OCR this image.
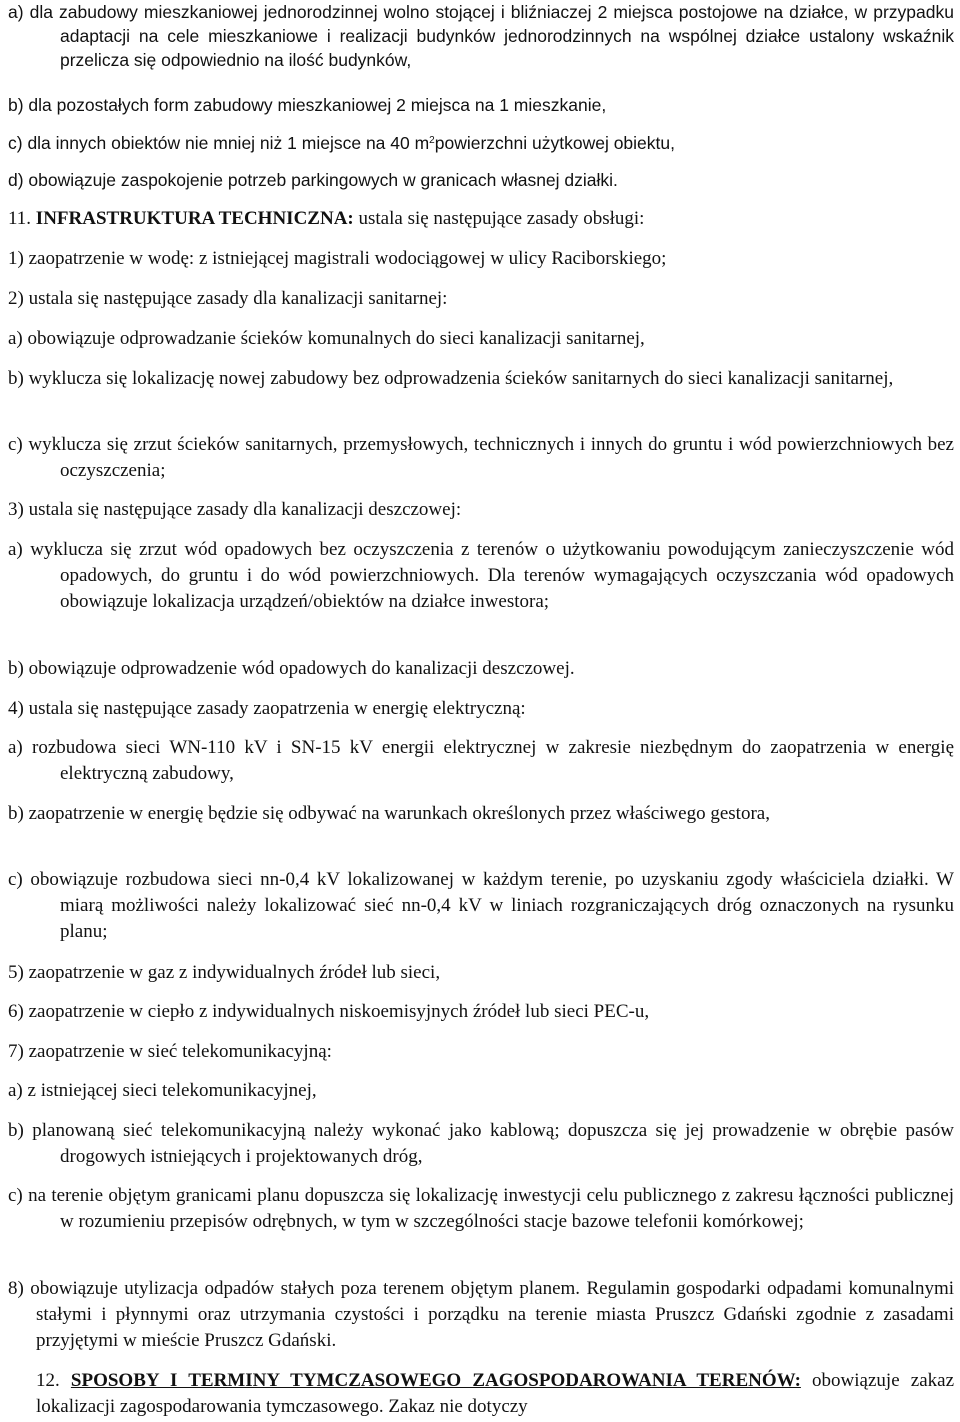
a) dla zabudowy mieszkaniowej jednorodzinnej wolno stojącej i bliźniaczej 2 miejsca postojowe na działce, w przypadku adaptacji na cele mieszkaniowe i realizacji budynków jednorodzinnych na wspólnej działce ustalony wskaźnik przelicza się odpowiednio na ilość budynków,

b) dla pozostałych form zabudowy mieszkaniowej 2 miejsca na 1 mieszkanie,

c) dla innych obiektów nie mniej niż 1 miejsce na 40 $m^2powierzchni$ użytkowej obiektu,

d) obowiązuje zaspokojenie potrzeb parkingowych w granicach własnej działki.

11. INFRASTRUKTURA TECHNICZNA: ustala się następujące zasady obsługi:

1) zaopatrzenie w wodę: z istniejącej magistrali wodociągowej w ulicy Raciborskiego;

2) ustala się następujące zasady dla kanalizacji sanitarnej:

a) obowiązuje odprowadzanie ścieków komunalnych do sieci kanalizacji sanitarnej,

b) wyklucza się lokalizację nowej zabudowy bez odprowadzenia ścieków sanitarnych do sieci kanalizacji sanitarnej,

c) wyklucza się zrzut ścieków sanitarnych, przemysłowych, technicznych i innych do gruntu i wód powierzchniowych bez oczyszczenia;

3) ustala się następujące zasady dla kanalizacji deszczowej:

a) wyklucza się zrzut wód opadowych bez oczyszczenia z terenów o użytkowaniu powodującym zanieczyszczenie wód opadowych, do gruntu i do wód powierzchniowych. Dla terenów wymagających oczyszczania wód opadowych obowiązuje lokalizacja urządzeń/obiektów na działce inwestora;

b) obowiązuje odprowadzenie wód opadowych do kanalizacji deszczowej.

4) ustala się następujące zasady zaopatrzenia w energię elektryczną:

a) rozbudowa sieci WN-110 kV i SN-15 kV energii elektrycznej w zakresie niezbędnym do zaopatrzenia w energię elektryczną zabudowy,

b) zaopatrzenie w energię będzie się odbywać na warunkach określonych przez właściwego gestora,

c) obowiązuje rozbudowa sieci nn-0,4 kV lokalizowanej w każdym terenie, po uzyskaniu zgody właściciela działki. W miarą możliwości należy lokalizować sieć nn-0,4 kV w liniach rozgraniczających dróg oznaczonych na rysunku planu;

5) zaopatrzenie w gaz z indywidualnych źródeł lub sieci,

6) zaopatrzenie w ciepło z indywidualnych niskoemisyjnych źródeł lub sieci PEC-u,

7) zaopatrzenie w sieć telekomunikacyjną:

a) z istniejącej sieci telekomunikacyjnej,

b) planowaną sieć telekomunikacyjną należy wykonać jako kablową; dopuszcza się jej prowadzenie w obrębie pasów drogowych istniejących i projektowanych dróg,

c) na terenie objętym granicami planu dopuszcza się lokalizację inwestycji celu publicznego z zakresu łączności publicznej w rozumieniu przepisów odrębnych, w tym w szczególności stacje bazowe telefonii komórkowej;

8) obowiązuje utylizacja odpadów stałych poza terenem objętym planem. Regulamin gospodarki odpadami komunalnymi stałymi i płynnymi oraz utrzymania czystości i porządku na terenie miasta Pruszcz Gdański zgodnie z zasadami przyjętymi w mieście Pruszcz Gdański.

12. SPOSOBY I TERMINY TYMCZASOWEGO ZAGOSPODAROWANIA TERENÓW: obowiązuje zakaz lokalizacji zagospodarowania tymczasowego. Zakaz nie dotyczy
